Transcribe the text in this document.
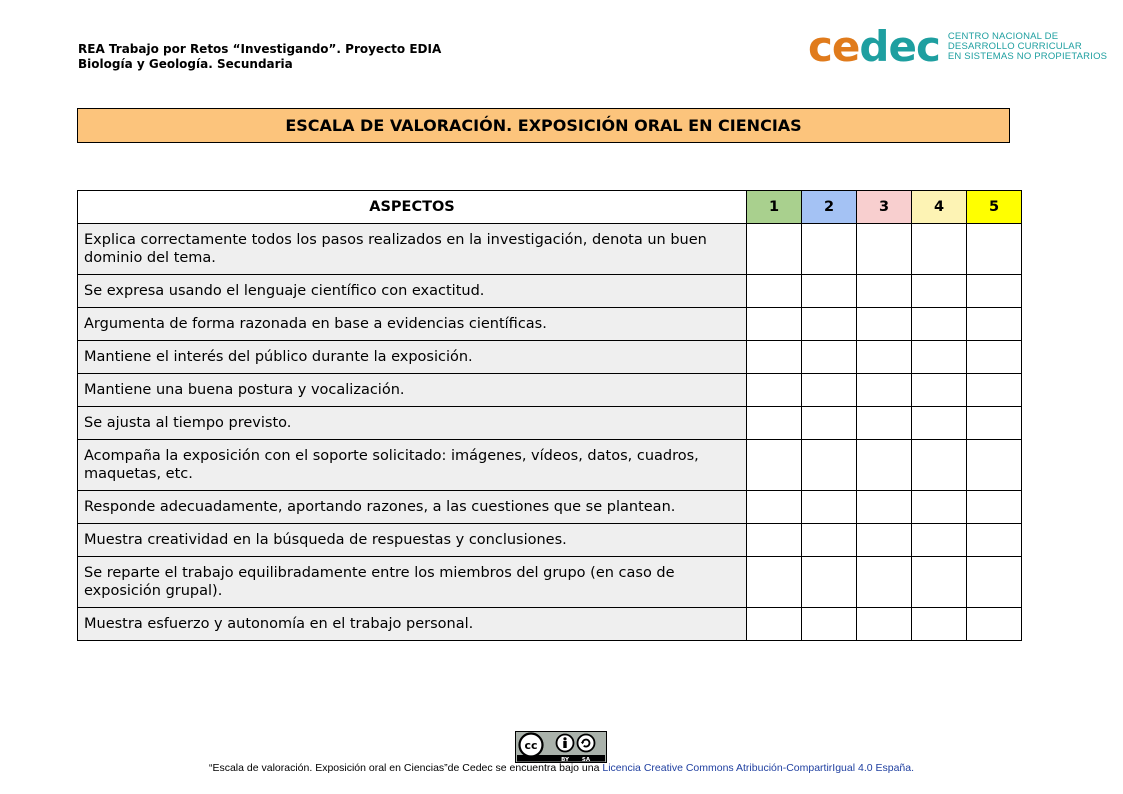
REA Trabajo por Retos “Investigando”. Proyecto EDIA
Biología y Geología. Secundaria	ce dec CENTRO NACIONAL DE
DESARROLLO CURRICULAR
EN SISTEMAS NO PROPIETARIOS
ESCALA DE VALORACIÓN. EXPOSICIÓN ORAL EN CIENCIAS
ASPECTOS	1	2	3	4	5
Explica correctamente todos los pasos realizados en la investigación, denota un buen dominio del tema.					
Se expresa usando el lenguaje científico con exactitud.					
Argumenta de forma razonada en base a evidencias científicas.					
Mantiene el interés del público durante la exposición.					
Mantiene una buena postura y vocalización.					
Se ajusta al tiempo previsto.					
Acompaña la exposición con el soporte solicitado: imágenes, vídeos, datos, cuadros, maquetas, etc.					
Responde adecuadamente, aportando razones, a las cuestiones que se plantean.					
Muestra creatividad en la búsqueda de respuestas y conclusiones.					
Se reparte el trabajo equilibradamente entre los miembros del grupo (en caso de exposición grupal).					
Muestra esfuerzo y autonomía en el trabajo personal.					
cc
BY SA
“Escala de valoración. Exposición oral en Ciencias”de Cedec se encuentra bajo una Licencia Creative Commons Atribución-CompartirIgual 4.0 España.
